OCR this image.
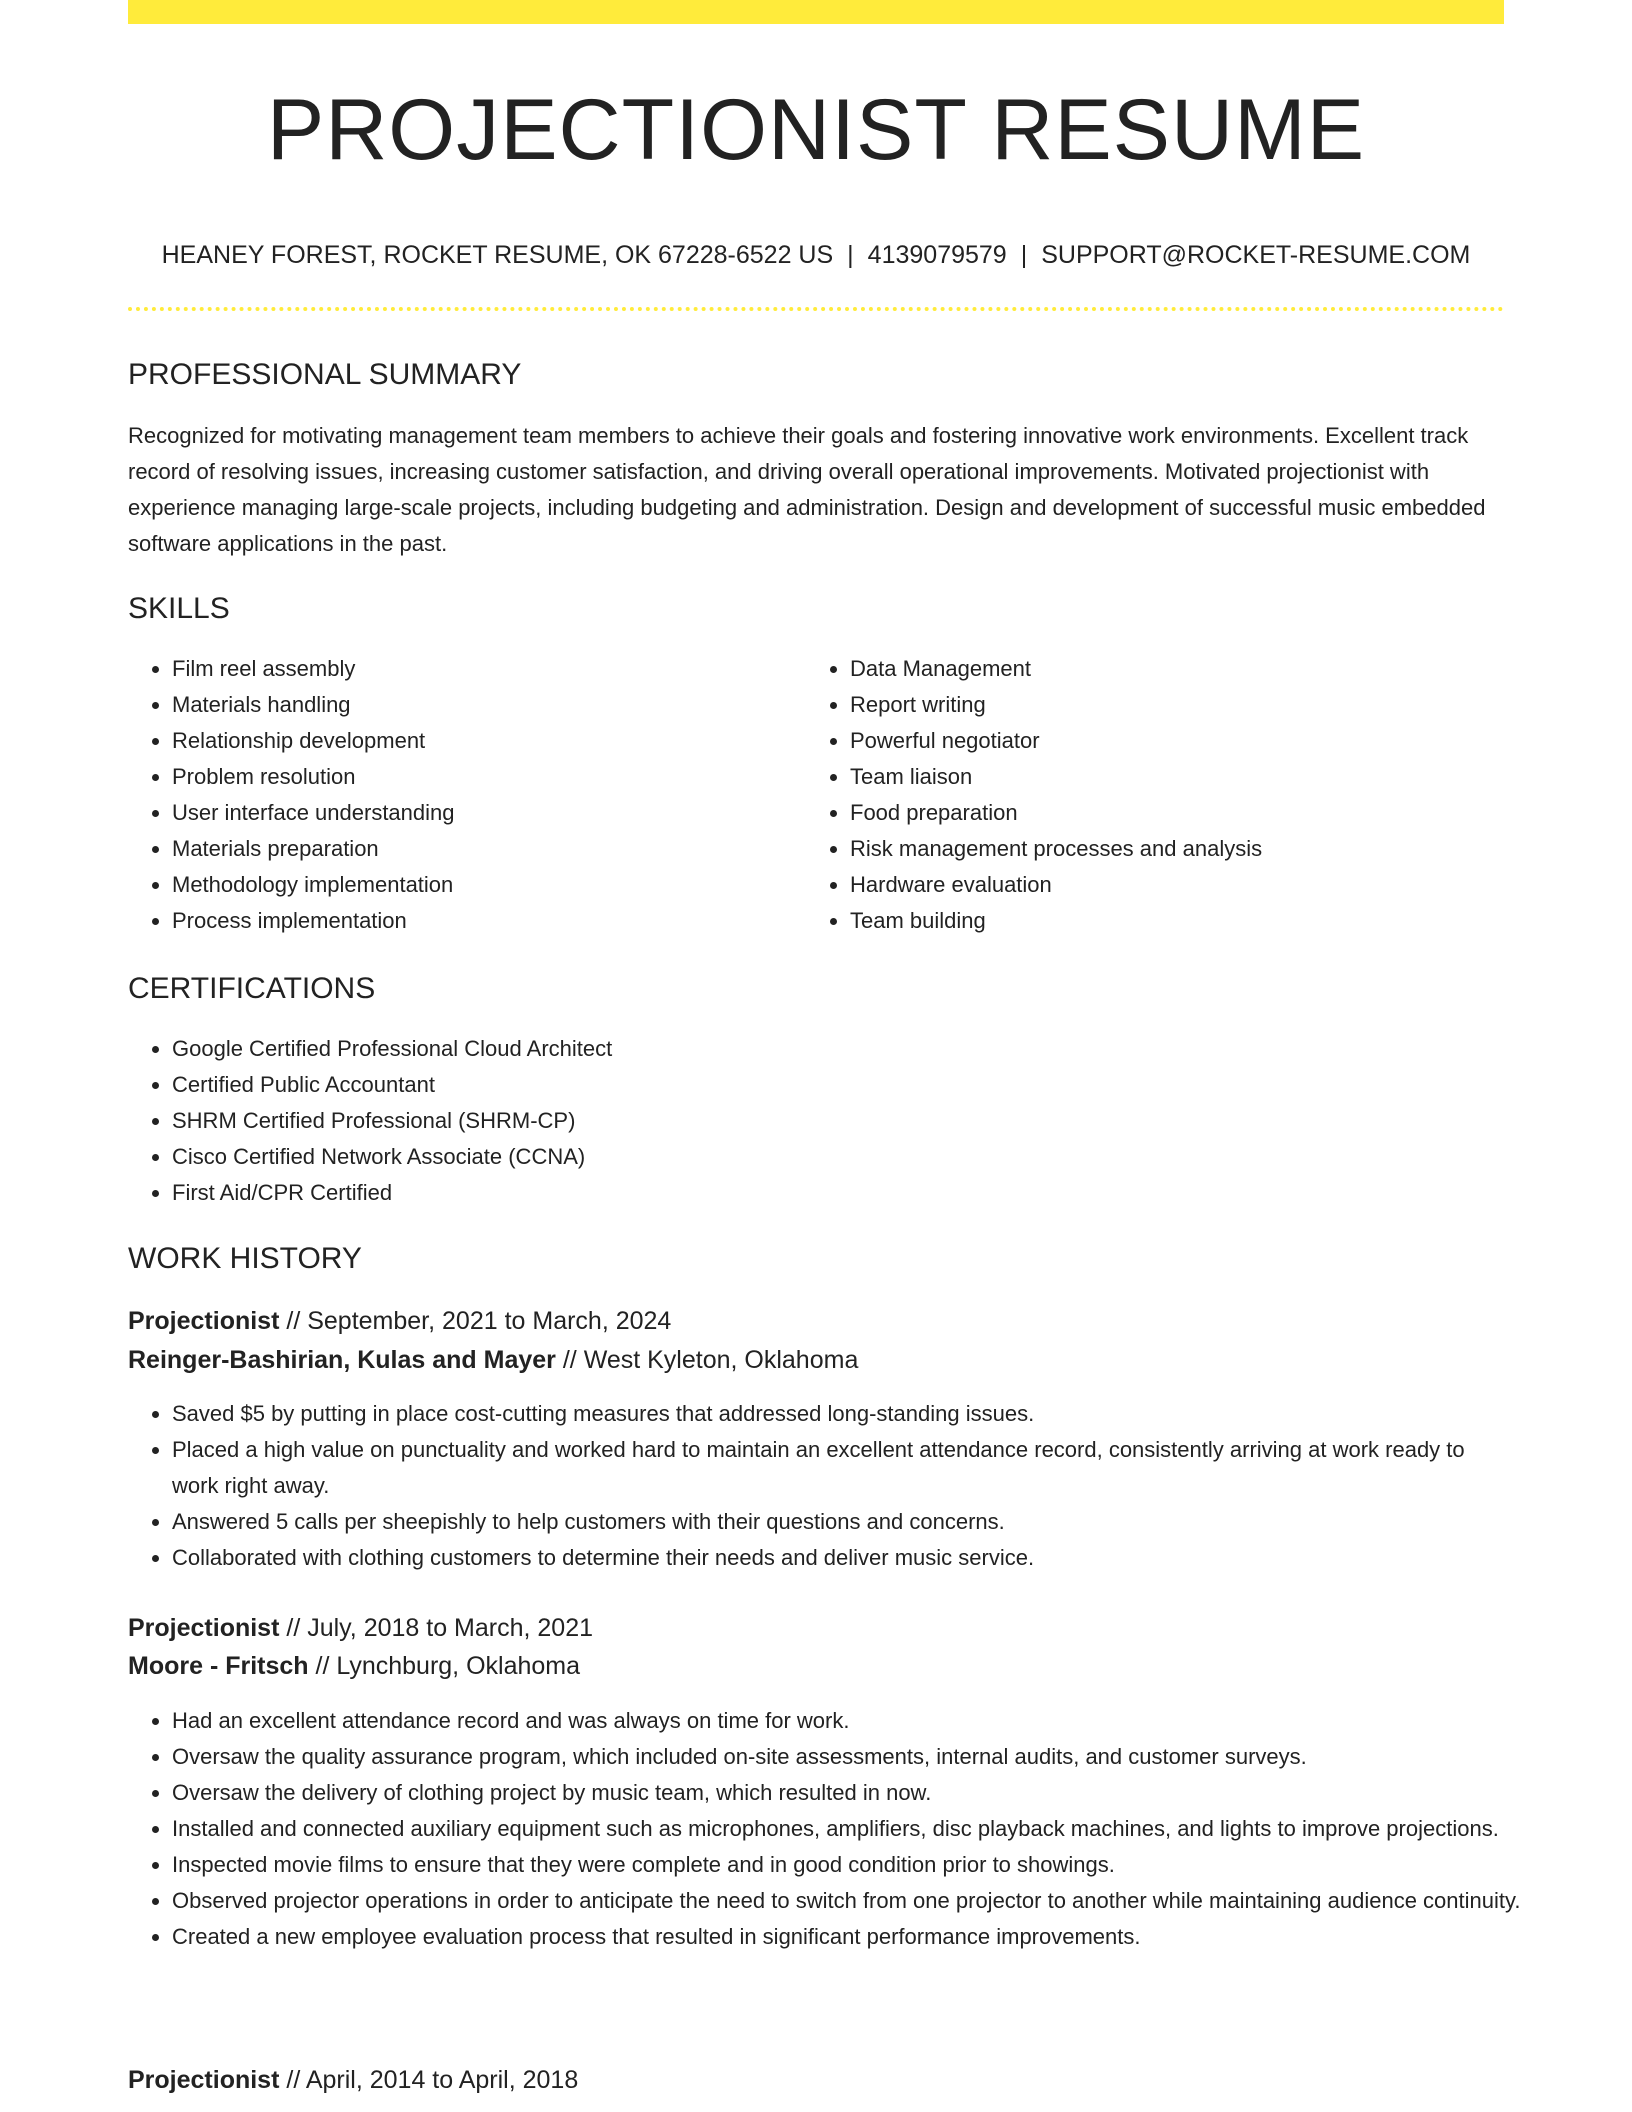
PROJECTIONIST RESUME
HEANEY FOREST, ROCKET RESUME, OK 67228-6522 US | 4139079579 | SUPPORT@ROCKET-RESUME.COM
PROFESSIONAL SUMMARY

Recognized for motivating management team members to achieve their goals and fostering innovative work environments. Excellent track record of resolving issues, increasing customer satisfaction, and driving overall operational improvements. Motivated projectionist with experience managing large-scale projects, including budgeting and administration. Design and development of successful music embedded software applications in the past.

SKILLS
• Film reel assembly
• Materials handling
• Relationship development
• Problem resolution
• User interface understanding
• Materials preparation
• Methodology implementation
• Process implementation
• Data Management
• Report writing
• Powerful negotiator
• Team liaison
• Food preparation
• Risk management processes and analysis
• Hardware evaluation
• Team building
CERTIFICATIONS
• Google Certified Professional Cloud Architect
• Certified Public Accountant
• SHRM Certified Professional (SHRM-CP)
• Cisco Certified Network Associate (CCNA)
• First Aid/CPR Certified
WORK HISTORY
Projectionist // September, 2021 to March, 2024
Reinger-Bashirian, Kulas and Mayer // West Kyleton, Oklahoma
• Saved $5 by putting in place cost-cutting measures that addressed long-standing issues.
• Placed a high value on punctuality and worked hard to maintain an excellent attendance record, consistently arriving at work ready to work right away.
• Answered 5 calls per sheepishly to help customers with their questions and concerns.
• Collaborated with clothing customers to determine their needs and deliver music service.
Projectionist // July, 2018 to March, 2021
Moore - Fritsch // Lynchburg, Oklahoma
• Had an excellent attendance record and was always on time for work.
• Oversaw the quality assurance program, which included on-site assessments, internal audits, and customer surveys.
• Oversaw the delivery of clothing project by music team, which resulted in now.
• Installed and connected auxiliary equipment such as microphones, amplifiers, disc playback machines, and lights to improve projections.
• Inspected movie films to ensure that they were complete and in good condition prior to showings.
• Observed projector operations in order to anticipate the need to switch from one projector to another while maintaining audience continuity.
• Created a new employee evaluation process that resulted in significant performance improvements.
Projectionist // April, 2014 to April, 2018
